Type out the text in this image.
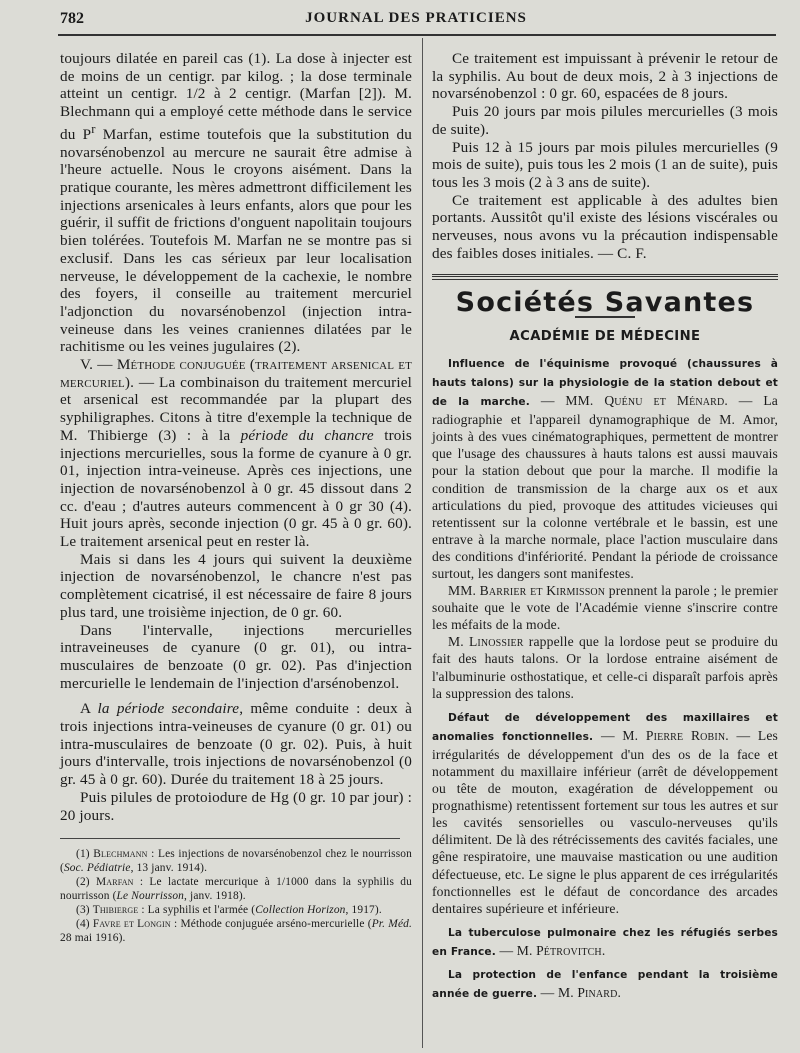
782	JOURNAL DES PRATICIENS

toujours dilatée en pareil cas (1). La dose à injecter est de moins de un centigr. par kilog. ; la dose terminale atteint un centigr. 1/2 à 2 centigr. (Marfan [2]). M. Blechmann qui a employé cette méthode dans le service du $P^r$ Marfan, estime toutefois que la substitution du novarsénobenzol au mercure ne saurait être admise à l'heure actuelle. Nous le croyons aisément. Dans la pratique courante, les mères admettront difficilement les injections arsenicales à leurs enfants, alors que pour les guérir, il suffit de frictions d'onguent napolitain toujours bien tolérées. Toutefois M. Marfan ne se montre pas si exclusif. Dans les cas sérieux par leur localisation nerveuse, le développement de la cachexie, le nombre des foyers, il conseille au traitement mercuriel l'adjonction du novarsénobenzol (injection intra-veineuse dans les veines craniennes dilatées par le rachitisme ou les veines jugulaires (2).

V. — Méthode conjuguée (traitement arsenical et mercuriel). — La combinaison du traitement mercuriel et arsenical est recommandée par la plupart des syphiligraphes. Citons à titre d'exemple la technique de M. Thibierge (3) : à la période du chancre trois injections mercurielles, sous la forme de cyanure à 0 gr. 01, injection intra-veineuse. Après ces injections, une injection de novarsénobenzol à 0 gr. 45 dissout dans 2 cc. d'eau ; d'autres auteurs commencent à 0 gr 30 (4). Huit jours après, seconde injection (0 gr. 45 à 0 gr. 60). Le traitement arsenical peut en rester là.

Mais si dans les 4 jours qui suivent la deuxième injection de novarsénobenzol, le chancre n'est pas complètement cicatrisé, il est nécessaire de faire 8 jours plus tard, une troisième injection, de 0 gr. 60.

Dans l'intervalle, injections mercurielles intraveineuses de cyanure (0 gr. 01), ou intra-musculaires de benzoate (0 gr. 02). Pas d'injection mercurielle le lendemain de l'injection d'arsénobenzol.

A la période secondaire, même conduite : deux à trois injections intra-veineuses de cyanure (0 gr. 01) ou intra-musculaires de benzoate (0 gr. 02). Puis, à huit jours d'intervalle, trois injections de novarsénobenzol (0 gr. 45 à 0 gr. 60). Durée du traitement 18 à 25 jours.

Puis pilules de protoiodure de Hg (0 gr. 10 par jour) : 20 jours.

(1) Blechmann : Les injections de novarsénobenzol chez le nourrisson (Soc. Pédiatrie, 13 janv. 1914).

(2) Marfan : Le lactate mercurique à 1/1000 dans la syphilis du nourrisson (Le Nourrisson, janv. 1918).

(3) Thibierge : La syphilis et l'armée (Collection Horizon, 1917).

(4) Favre et Longin : Méthode conjuguée arséno-mercurielle (Pr. Méd. 28 mai 1916).

Ce traitement est impuissant à prévenir le retour de la syphilis. Au bout de deux mois, 2 à 3 injections de novarsénobenzol : 0 gr. 60, espacées de 8 jours.

Puis 20 jours par mois pilules mercurielles (3 mois de suite).

Puis 12 à 15 jours par mois pilules mercurielles (9 mois de suite), puis tous les 2 mois (1 an de suite), puis tous les 3 mois (2 à 3 ans de suite).

Ce traitement est applicable à des adultes bien portants. Aussitôt qu'il existe des lésions viscérales ou nerveuses, nous avons vu la précaution indispensable des faibles doses initiales. — C. F.

Sociétés Savantes
ACADÉMIE DE MÉDECINE

Influence de l'équinisme provoqué (chaussures à hauts talons) sur la physiologie de la station debout et de la marche. — MM. Quénu et Ménard. — La radiographie et l'appareil dynamographique de M. Amor, joints à des vues cinématographiques, permettent de montrer que l'usage des chaussures à hauts talons est aussi mauvais pour la station debout que pour la marche. Il modifie la condition de transmission de la charge aux os et aux articulations du pied, provoque des attitudes vicieuses qui retentissent sur la colonne vertébrale et le bassin, est une entrave à la marche normale, place l'action musculaire dans des conditions d'infériorité. Pendant la période de croissance surtout, les dangers sont manifestes.

MM. Barrier et Kirmisson prennent la parole ; le premier souhaite que le vote de l'Académie vienne s'inscrire contre les méfaits de la mode.

M. Linossier rappelle que la lordose peut se produire du fait des hauts talons. Or la lordose entraine aisément de l'albuminurie osthostatique, et celle-ci disparaît parfois après la suppression des talons.

Défaut de développement des maxillaires et anomalies fonctionnelles. — M. Pierre Robin. — Les irrégularités de développement d'un des os de la face et notamment du maxillaire inférieur (arrêt de développement ou tête de mouton, exagération de développement ou prognathisme) retentissent fortement sur tous les autres et sur les cavités sensorielles ou vasculo-nerveuses qu'ils délimitent. De là des rétrécissements des cavités faciales, une gêne respiratoire, une mauvaise mastication ou une audition défectueuse, etc. Le signe le plus apparent de ces irrégularités fonctionnelles est le défaut de concordance des arcades dentaires supérieure et inférieure.

La tuberculose pulmonaire chez les réfugiés serbes en France. — M. Pétrovitch.

La protection de l'enfance pendant la troisième année de guerre. — M. Pinard.
